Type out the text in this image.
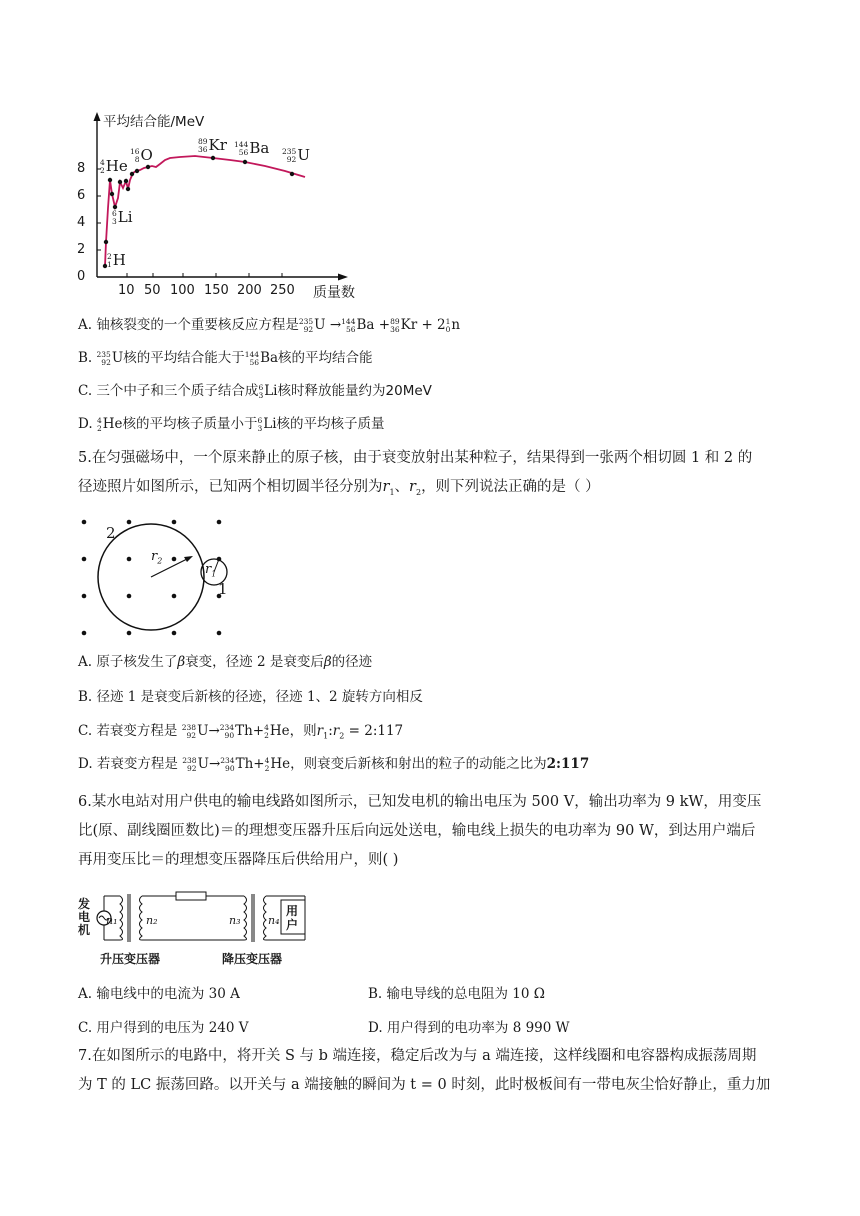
平均结合能/MeV
0
2
4
6
8
10 50 100 150 200 250 质量数
2
1 H
4
2 He
6
3 Li
16
8 O
89
36 Kr 144
56 Ba 235
92 U
A. 铀核裂变的一个重要核反应方程是 235
92 U → 144
56 Ba + 89
36 Kr + 2 1
0 n
B. 235
92 U核的平均结合能大于 144
56 Ba核的平均结合能
C. 三个中子和三个质子结合成 6
3 Li核时释放能量约为20MeV
D. 4
2 He核的平均核子质量小于 6
3 Li核的平均核子质量
5.在匀强磁场中，一个原来静止的原子核，由于衰变放射出某种粒子，结果得到一张两个相切圆 1 和 2 的
径迹照片如图所示，已知两个相切圆半径分别为$r_1$、$r_2$，则下列说法正确的是（ ）
2
1
$r_2$
$r_1$
A. 原子核发生了β衰变，径迹 2 是衰变后β的径迹
B. 径迹 1 是衰变后新核的径迹，径迹 1、2 旋转方向相反
C. 若衰变方程是 238
92 U→ 234
90 Th+ 4
2 He，则$r_1:r_2$ = 2:117
D. 若衰变方程是 238
92 U→ 234
90 Th+ 4
2 He，则衰变后新核和射出的粒子的动能之比为2:117
6.某水电站对用户供电的输电线路如图所示，已知发电机的输出电压为 500 V，输出功率为 9 kW，用变压
比(原、副线圈匝数比)＝的理想变压器升压后向远处送电，输电线上损失的电功率为 90 W，到达用户端后
再用变压比＝的理想变压器降压后供给用户，则( )
发电机
n₁	n₂	n₃	n₄
用户
升压变压器	降压变压器
A. 输电线中的电流为 30 A	B. 输电导线的总电阻为 10 Ω
C. 用户得到的电压为 240 V	D. 用户得到的电功率为 8 990 W
7.在如图所示的电路中，将开关 S 与 b 端连接，稳定后改为与 a 端连接，这样线圈和电容器构成振荡周期
为 T 的 LC 振荡回路。以开关与 a 端接触的瞬间为 t = 0 时刻，此时极板间有一带电灰尘恰好静止，重力加
